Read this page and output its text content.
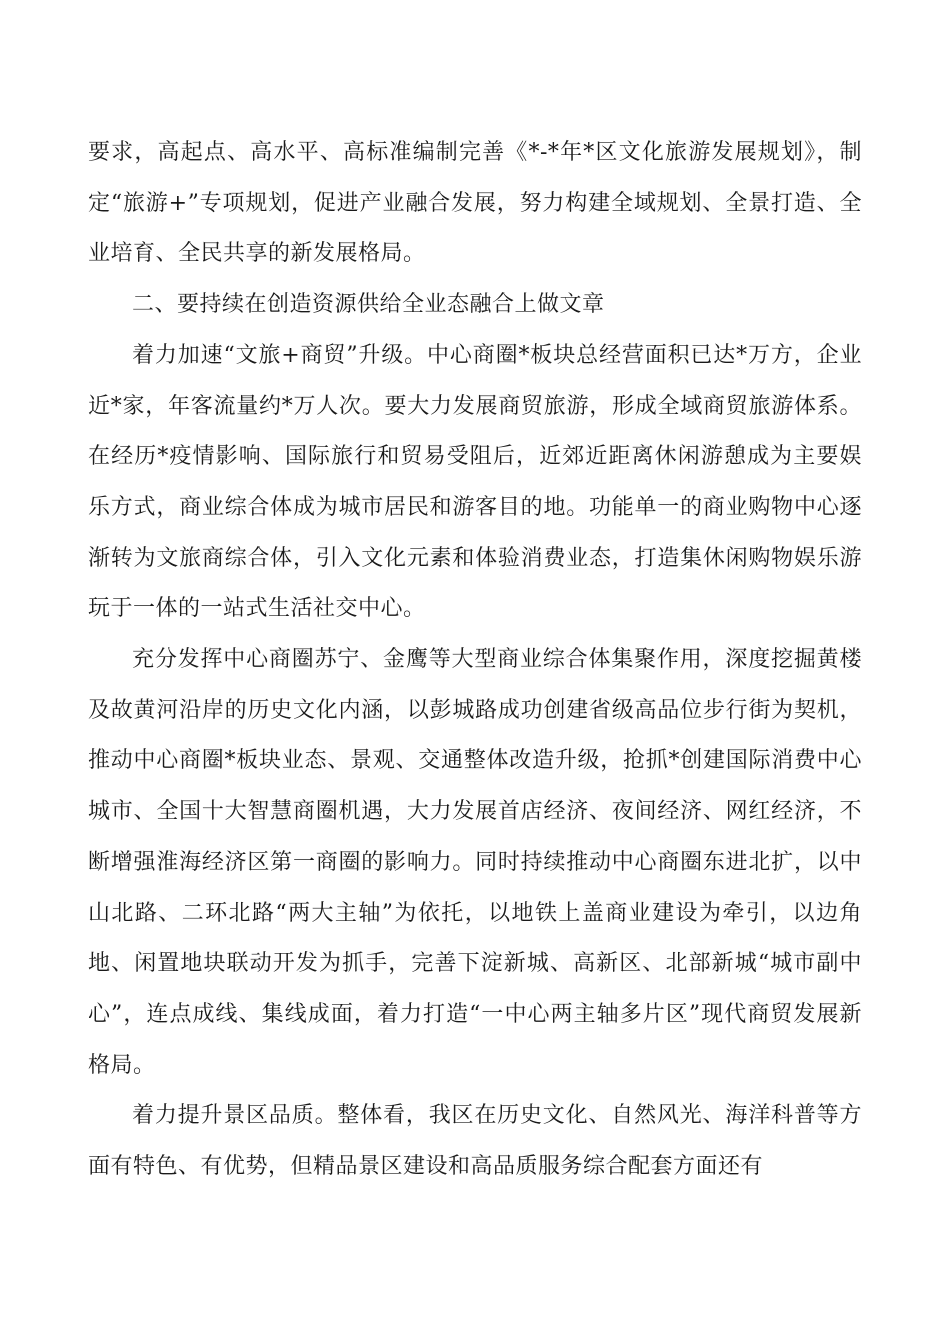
要求，高起点、高水平、高标准编制完善《*-*年*区文化旅游发展规划》，制定“旅游+”专项规划，促进产业融合发展，努力构建全域规划、全景打造、全业培育、全民共享的新发展格局。

二、要持续在创造资源供给全业态融合上做文章

着力加速“文旅+商贸”升级。中心商圈*板块总经营面积已达*万方，企业近*家，年客流量约*万人次。要大力发展商贸旅游，形成全域商贸旅游体系。在经历*疫情影响、国际旅行和贸易受阻后，近郊近距离休闲游憩成为主要娱乐方式，商业综合体成为城市居民和游客目的地。功能单一的商业购物中心逐渐转为文旅商综合体，引入文化元素和体验消费业态，打造集休闲购物娱乐游玩于一体的一站式生活社交中心。

充分发挥中心商圈苏宁、金鹰等大型商业综合体集聚作用，深度挖掘黄楼及故黄河沿岸的历史文化内涵，以彭城路成功创建省级高品位步行街为契机，推动中心商圈*板块业态、景观、交通整体改造升级，抢抓*创建国际消费中心城市、全国十大智慧商圈机遇，大力发展首店经济、夜间经济、网红经济，不断增强淮海经济区第一商圈的影响力。同时持续推动中心商圈东进北扩，以中山北路、二环北路“两大主轴”为依托，以地铁上盖商业建设为牵引，以边角地、闲置地块联动开发为抓手，完善下淀新城、高新区、北部新城“城市副中心”，连点成线、集线成面，着力打造“一中心两主轴多片区”现代商贸发展新格局。

着力提升景区品质。整体看，我区在历史文化、自然风光、海洋科普等方面有特色、有优势，但精品景区建设和高品质服务综合配套方面还有
